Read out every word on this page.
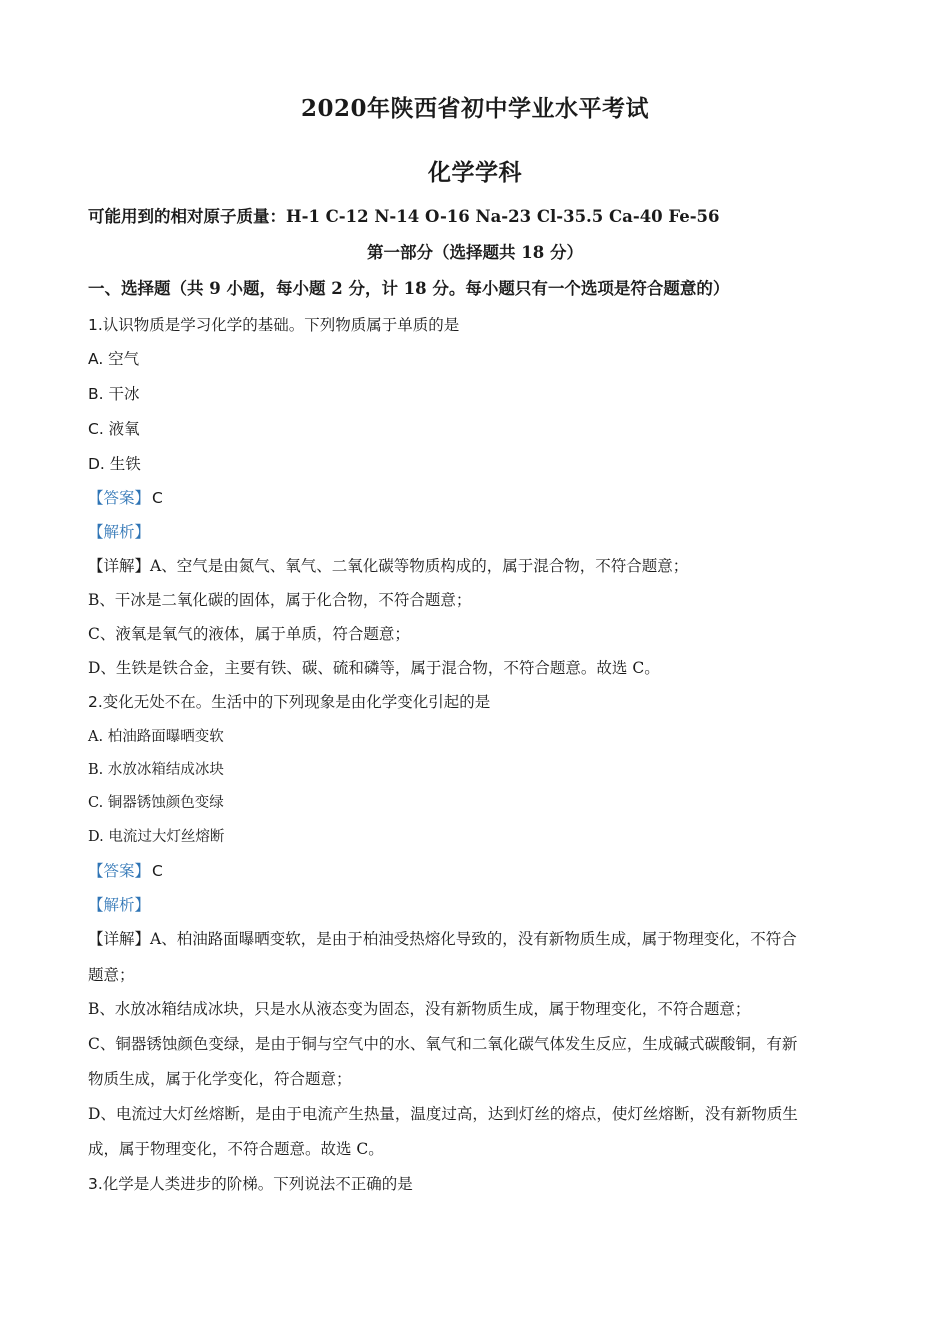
2020年陕西省初中学业水平考试
化学学科
可能用到的相对原子质量：H-1 C-12 N-14 O-16 Na-23 Cl-35.5 Ca-40 Fe-56
第一部分（选择题共 18 分）
一、选择题（共 9 小题，每小题 2 分，计 18 分。每小题只有一个选项是符合题意的）
1.认识物质是学习化学的基础。下列物质属于单质的是
A. 空气
B. 干冰
C. 液氧
D. 生铁
【答案】 C
【解析】
【详解】A、空气是由氮气、氧气、二氧化碳等物质构成的，属于混合物，不符合题意；
B、干冰是二氧化碳的固体，属于化合物，不符合题意；
C、液氧是氧气的液体，属于单质，符合题意；
D、生铁是铁合金，主要有铁、碳、硫和磷等，属于混合物，不符合题意。故选 C。
2.变化无处不在。生活中的下列现象是由化学变化引起的是
A. 柏油路面曝晒变软
B. 水放冰箱结成冰块
C. 铜器锈蚀颜色变绿
D. 电流过大灯丝熔断
【答案】 C
【解析】
【详解】A、柏油路面曝晒变软，是由于柏油受热熔化导致的，没有新物质生成，属于物理变化，不符合
题意；
B、水放冰箱结成冰块，只是水从液态变为固态，没有新物质生成，属于物理变化，不符合题意；
C、铜器锈蚀颜色变绿，是由于铜与空气中的水、氧气和二氧化碳气体发生反应，生成碱式碳酸铜，有新
物质生成，属于化学变化，符合题意；
D、电流过大灯丝熔断，是由于电流产生热量，温度过高，达到灯丝的熔点，使灯丝熔断，没有新物质生
成，属于物理变化，不符合题意。故选 C。
3.化学是人类进步的阶梯。下列说法不正确的是
